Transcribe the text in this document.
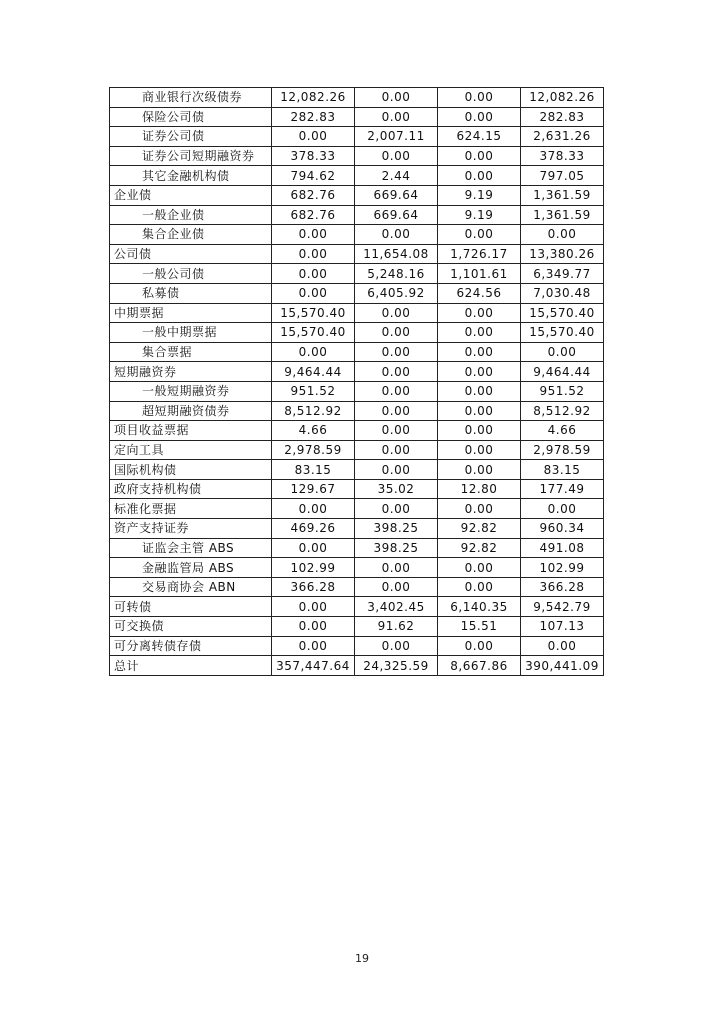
商业银行次级债券	12,082.26	0.00	0.00	12,082.26
保险公司债	282.83	0.00	0.00	282.83
证券公司债	0.00	2,007.11	624.15	2,631.26
证券公司短期融资券	378.33	0.00	0.00	378.33
其它金融机构债	794.62	2.44	0.00	797.05
企业债	682.76	669.64	9.19	1,361.59
一般企业债	682.76	669.64	9.19	1,361.59
集合企业债	0.00	0.00	0.00	0.00
公司债	0.00	11,654.08	1,726.17	13,380.26
一般公司债	0.00	5,248.16	1,101.61	6,349.77
私募债	0.00	6,405.92	624.56	7,030.48
中期票据	15,570.40	0.00	0.00	15,570.40
一般中期票据	15,570.40	0.00	0.00	15,570.40
集合票据	0.00	0.00	0.00	0.00
短期融资券	9,464.44	0.00	0.00	9,464.44
一般短期融资券	951.52	0.00	0.00	951.52
超短期融资债券	8,512.92	0.00	0.00	8,512.92
项目收益票据	4.66	0.00	0.00	4.66
定向工具	2,978.59	0.00	0.00	2,978.59
国际机构债	83.15	0.00	0.00	83.15
政府支持机构债	129.67	35.02	12.80	177.49
标准化票据	0.00	0.00	0.00	0.00
资产支持证券	469.26	398.25	92.82	960.34
证监会主管 ABS	0.00	398.25	92.82	491.08
金融监管局 ABS	102.99	0.00	0.00	102.99
交易商协会 ABN	366.28	0.00	0.00	366.28
可转债	0.00	3,402.45	6,140.35	9,542.79
可交换债	0.00	91.62	15.51	107.13
可分离转债存债	0.00	0.00	0.00	0.00
总计	357,447.64	24,325.59	8,667.86	390,441.09
19
